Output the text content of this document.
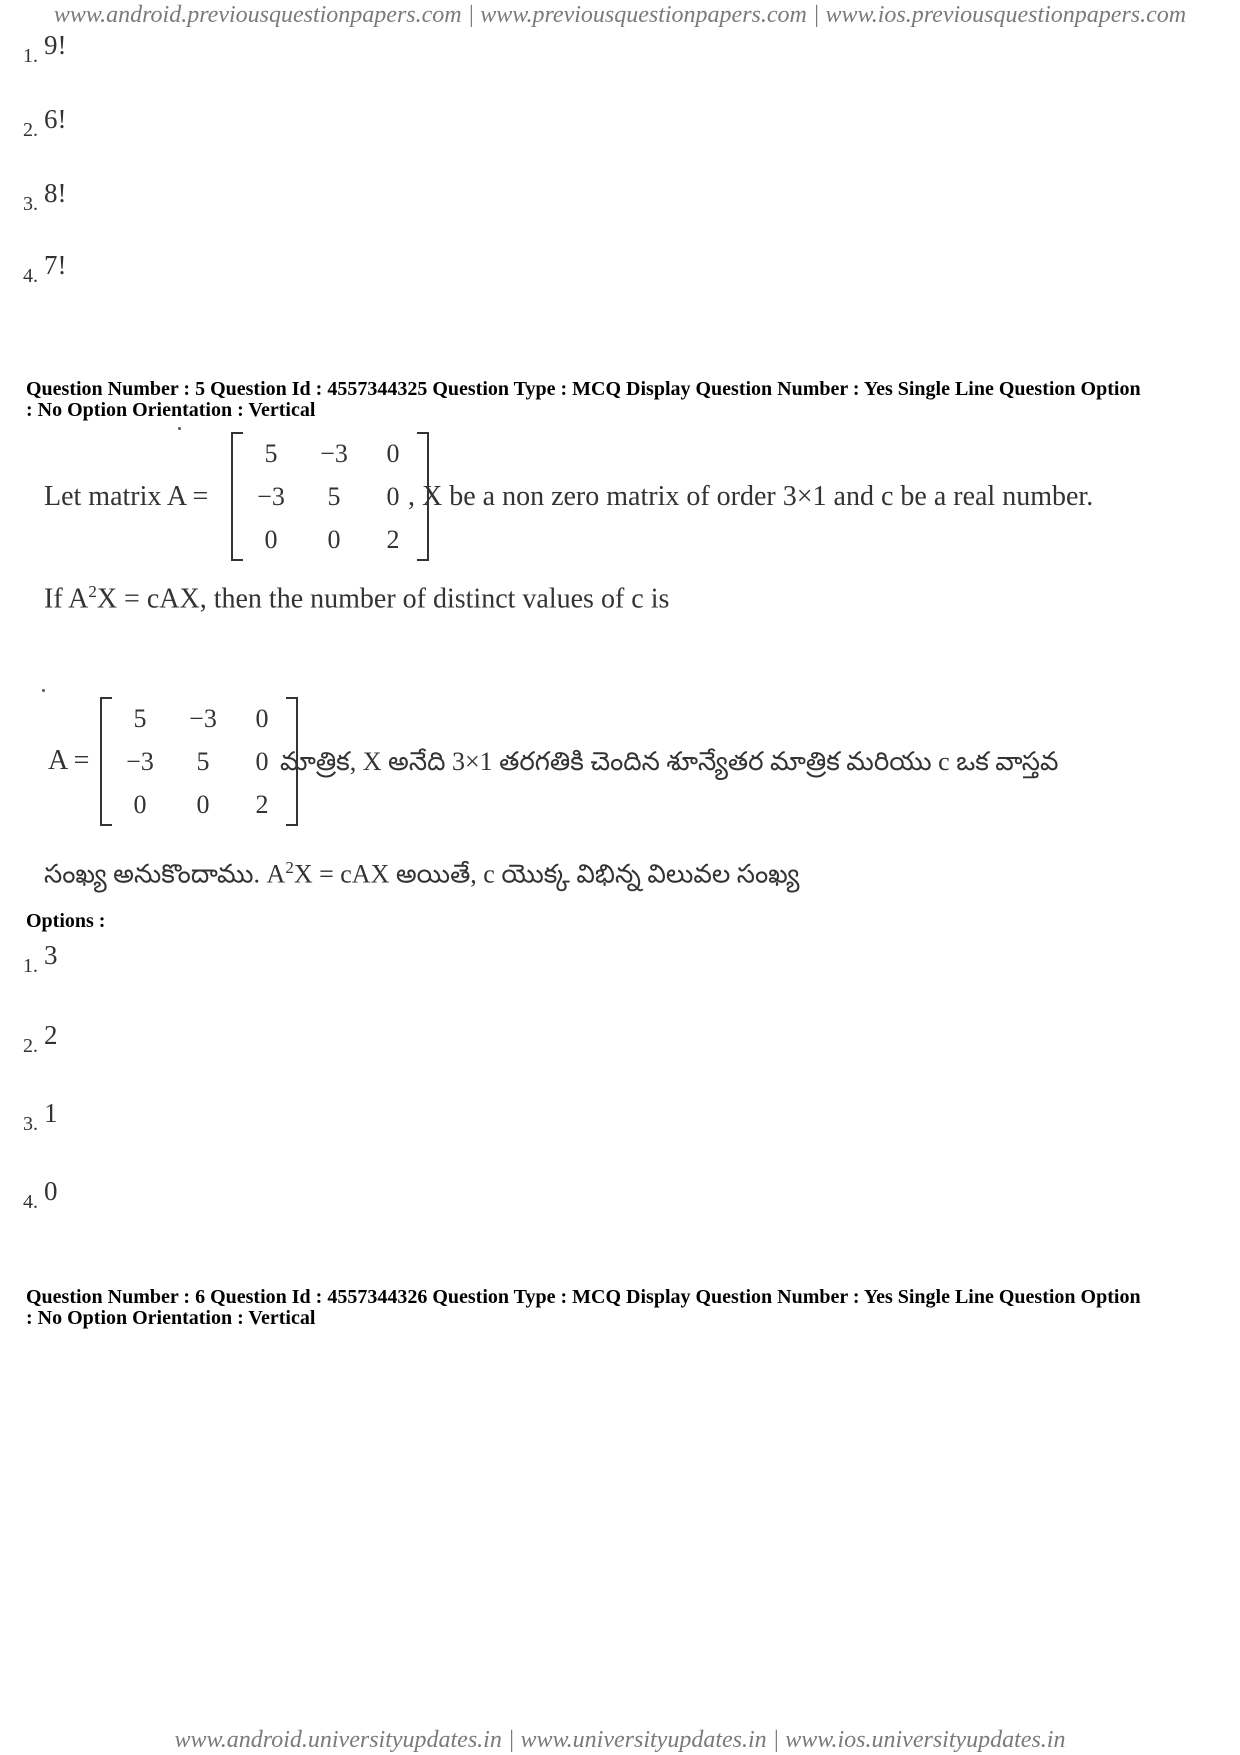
www.android.previousquestionpapers.com | www.previousquestionpapers.com | www.ios.previousquestionpapers.com
1. 9!
2. 6!
3. 8!
4. 7!
Question Number : 5 Question Id : 4557344325 Question Type : MCQ Display Question Number : Yes Single Line Question Option
: No Option Orientation : Vertical
Let matrix A =
5 −3 0
−3 5 0
0 0 2
, X be a non zero matrix of order 3×1 and c be a real number.
If $A^2X$ = cAX, then the number of distinct values of c is
A =
5 −3 0
−3 5 0
0 0 2
మాత్రిక, X అనేది 3×1 తరగతికి చెందిన శూన్యేతర మాత్రిక మరియు c ఒక వాస్తవ
సంఖ్య అనుకొందాము. $A^2X$ = cAX అయితే, c యొక్క విభిన్న విలువల సంఖ్య
Options :
1. 3
2. 2
3. 1
4. 0
Question Number : 6 Question Id : 4557344326 Question Type : MCQ Display Question Number : Yes Single Line Question Option
: No Option Orientation : Vertical
www.android.universityupdates.in | www.universityupdates.in | www.ios.universityupdates.in
